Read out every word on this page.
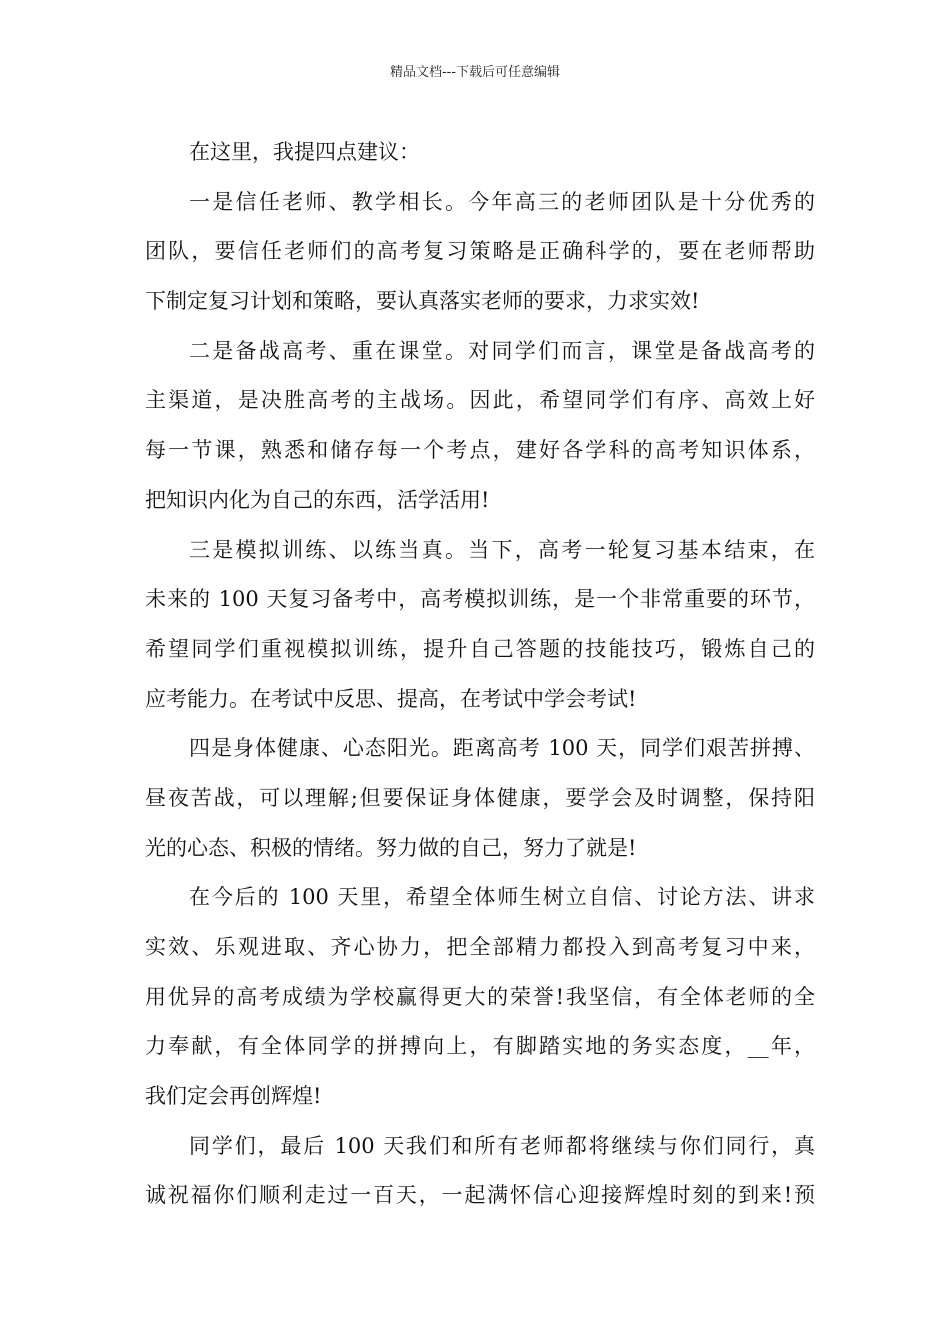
精品文档---下载后可任意编辑
在这里，我提四点建议：
一是信任老师、教学相长。今年高三的老师团队是十分优秀的
团队，要信任老师们的高考复习策略是正确科学的，要在老师帮助
下制定复习计划和策略，要认真落实老师的要求，力求实效!
二是备战高考、重在课堂。对同学们而言，课堂是备战高考的
主渠道，是决胜高考的主战场。因此，希望同学们有序、高效上好
每一节课，熟悉和储存每一个考点，建好各学科的高考知识体系，
把知识内化为自己的东西，活学活用!
三是模拟训练、以练当真。当下，高考一轮复习基本结束，在
未来的 100 天复习备考中，高考模拟训练，是一个非常重要的环节，
希望同学们重视模拟训练，提升自己答题的技能技巧，锻炼自己的
应考能力。在考试中反思、提高，在考试中学会考试!
四是身体健康、心态阳光。距离高考 100 天，同学们艰苦拼搏、
昼夜苦战，可以理解;但要保证身体健康，要学会及时调整，保持阳
光的心态、积极的情绪。努力做的自己，努力了就是!
在今后的 100 天里，希望全体师生树立自信、讨论方法、讲求
实效、乐观进取、齐心协力，把全部精力都投入到高考复习中来，
用优异的高考成绩为学校赢得更大的荣誉!我坚信，有全体老师的全
力奉献，有全体同学的拼搏向上，有脚踏实地的务实态度，__年，
我们定会再创辉煌!
同学们，最后 100 天我们和所有老师都将继续与你们同行，真
诚祝福你们顺利走过一百天，一起满怀信心迎接辉煌时刻的到来!预
